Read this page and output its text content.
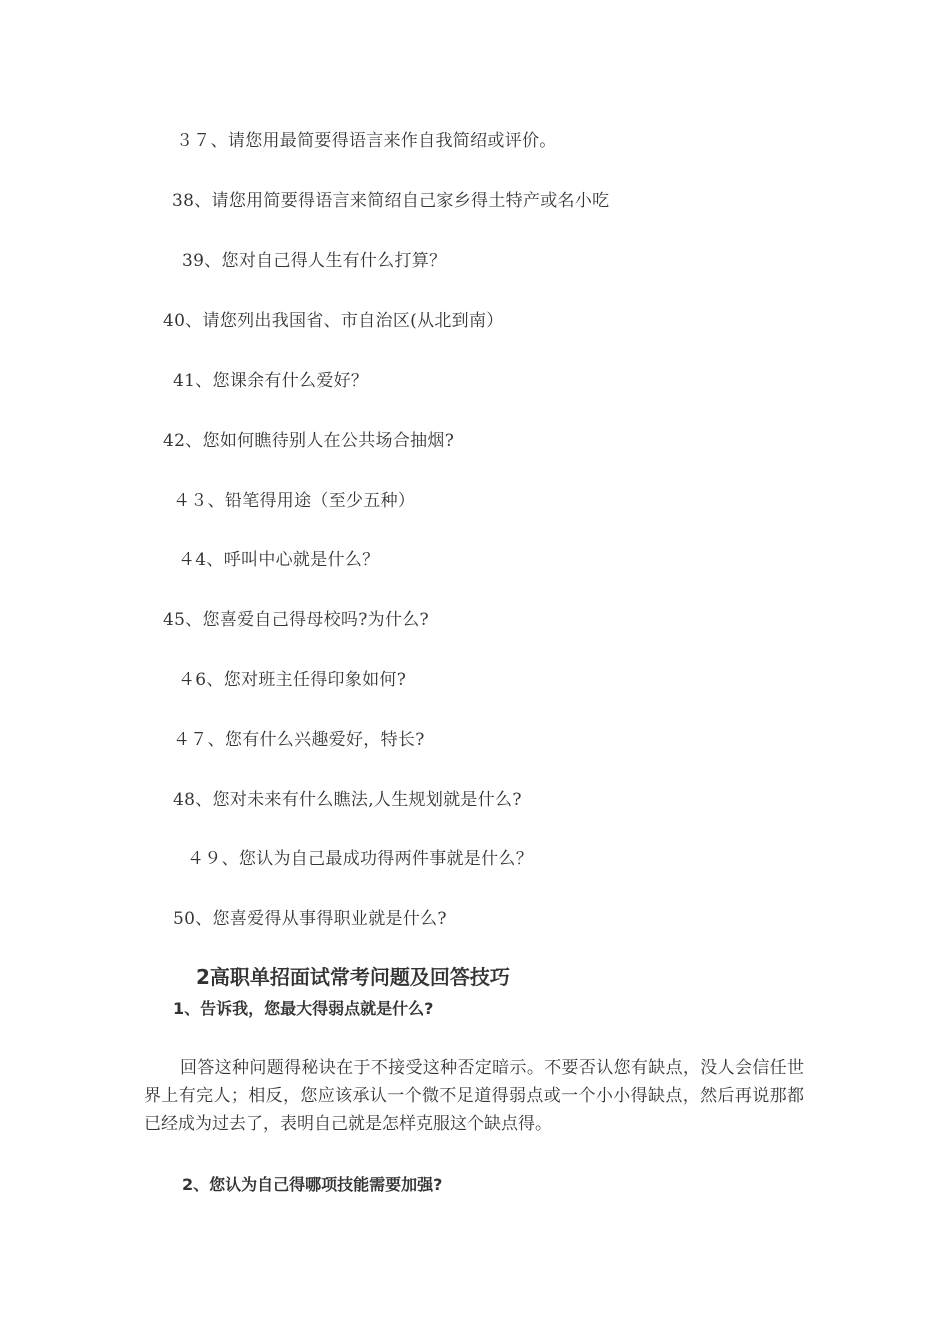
３７、请您用最简要得语言来作自我简绍或评价。
38、请您用简要得语言来简绍自己家乡得土特产或名小吃
39、您对自己得人生有什么打算？
40、请您列出我国省、市自治区(从北到南）
41、您课余有什么爱好？
42、您如何瞧待别人在公共场合抽烟?
４３、铅笔得用途（至少五种）
４4、呼叫中心就是什么？
45、您喜爱自己得母校吗?为什么?
４6、您对班主任得印象如何?
４７、您有什么兴趣爱好，特长?
48、您对未来有什么瞧法,人生规划就是什么?
４９、您认为自己最成功得两件事就是什么？
50、您喜爱得从事得职业就是什么?
2高职单招面试常考问题及回答技巧
1、告诉我，您最大得弱点就是什么?
回答这种问题得秘诀在于不接受这种否定暗示。不要否认您有缺点，没人会信任世界上有完人；相反，您应该承认一个微不足道得弱点或一个小小得缺点，然后再说那都已经成为过去了，表明自己就是怎样克服这个缺点得。
2、您认为自己得哪项技能需要加强?
